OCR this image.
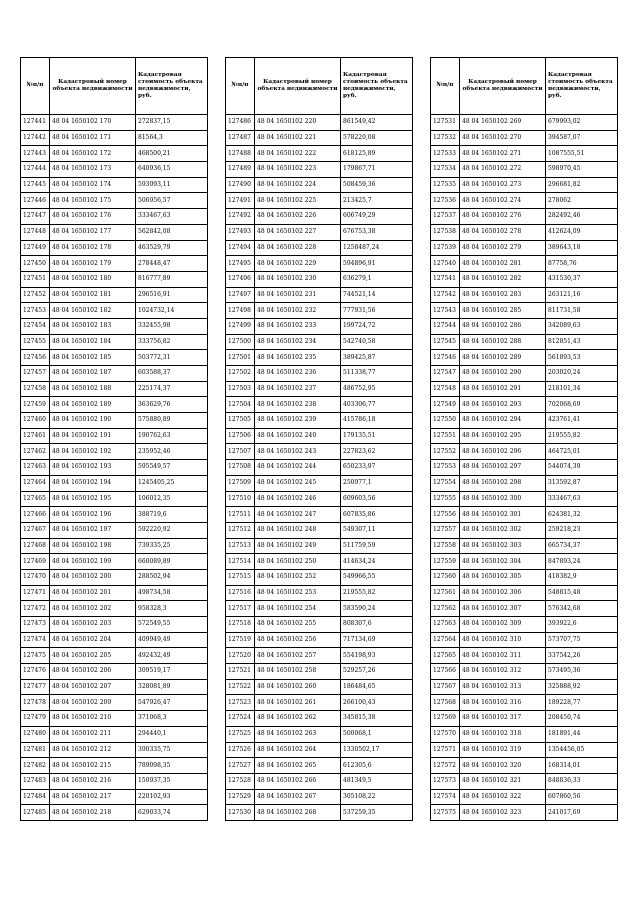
№п/п	Кадастровый номер объекта недвижимости	Кадастровая стоимость объекта недвижимости, руб.
127441	48 04 1650102 170	272837,15
127442	48 04 1650102 171	81564,3
127443	48 04 1650102 172	468500,21
127444	48 04 1650102 173	640936,15
127445	48 04 1650102 174	593093,11
127446	48 04 1650102 175	506956,57
127447	48 04 1650102 176	333467,63
127448	48 04 1650102 177	562842,08
127449	48 04 1650102 178	463529,79
127450	48 04 1650102 179	278448,47
127451	48 04 1650102 180	816777,89
127452	48 04 1650102 181	296516,91
127453	48 04 1650102 182	1024732,14
127454	48 04 1650102 183	332455,98
127455	48 04 1650102 184	333756,82
127456	48 04 1650102 185	503772,31
127457	48 04 1650102 187	603588,37
127458	48 04 1650102 188	225174,37
127459	48 04 1650102 189	363629,76
127460	48 04 1650102 190	575880,89
127461	48 04 1650102 191	190762,63
127462	48 04 1650102 192	235952,46
127463	48 04 1650102 193	595549,57
127464	48 04 1650102 194	1245405,25
127465	48 04 1650102 195	106012,35
127466	48 04 1650102 196	388719,6
127467	48 04 1650102 197	592220,92
127468	48 04 1650102 198	739335,25
127469	48 04 1650102 199	660089,89
127470	48 04 1650102 200	288502,94
127471	48 04 1650102 201	498734,58
127472	48 04 1650102 202	958328,3
127473	48 04 1650102 203	572549,55
127474	48 04 1650102 204	409949,49
127475	48 04 1650102 205	492432,49
127476	48 04 1650102 206	309519,17
127477	48 04 1650102 207	328081,89
127478	48 04 1650102 209	547926,47
127479	48 04 1650102 210	371068,3
127480	48 04 1650102 211	294440,1
127481	48 04 1650102 212	390335,75
127482	48 04 1650102 215	789098,35
127483	48 04 1650102 216	150937,35
127484	48 04 1650102 217	220102,93
127485	48 04 1650102 218	629033,74
№п/п	Кадастровый номер объекта недвижимости	Кадастровая стоимость объекта недвижимости, руб.
127486	48 04 1650102 220	861549,42
127487	48 04 1650102 221	578220,08
127488	48 04 1650102 222	618125,89
127489	48 04 1650102 223	179867,71
127490	48 04 1650102 224	508459,36
127491	48 04 1650102 225	213425,7
127492	48 04 1650102 226	606749,29
127493	48 04 1650102 227	676753,38
127494	48 04 1650102 228	1258487,24
127495	48 04 1650102 229	594896,91
127496	48 04 1650102 230	636279,1
127497	48 04 1650102 231	744521,14
127498	48 04 1650102 232	777931,56
127499	48 04 1650102 233	199724,72
127500	48 04 1650102 234	542740,58
127501	48 04 1650102 235	389425,87
127502	48 04 1650102 236	511338,77
127503	48 04 1650102 237	486752,95
127504	48 04 1650102 238	403306,77
127505	48 04 1650102 239	415786,18
127506	48 04 1650102 240	179135,51
127507	48 04 1650102 243	227823,62
127508	48 04 1650102 244	650233,97
127509	48 04 1650102 245	250977,1
127510	48 04 1650102 246	609603,56
127511	48 04 1650102 247	607835,86
127512	48 04 1650102 248	549307,11
127513	48 04 1650102 249	511759,59
127514	48 04 1650102 250	414634,24
127515	48 04 1650102 252	549966,55
127516	48 04 1650102 253	219555,82
127517	48 04 1650102 254	583590,24
127518	48 04 1650102 255	808307,6
127519	48 04 1650102 256	717134,69
127520	48 04 1650102 257	554198,93
127521	48 04 1650102 258	529257,26
127522	48 04 1650102 260	186484,65
127523	48 04 1650102 261	266100,43
127524	48 04 1650102 262	345815,38
127525	48 04 1650102 263	500068,1
127526	48 04 1650102 264	1330502,17
127527	48 04 1650102 265	612305,6
127528	48 04 1650102 266	481349,5
127529	48 04 1650102 267	305108,22
127530	48 04 1650102 268	537259,35
№п/п	Кадастровый номер объекта недвижимости	Кадастровая стоимость объекта недвижимости, руб.
127531	48 04 1650102 269	679993,02
127532	48 04 1650102 270	394587,07
127533	48 04 1650102 271	1087555,51
127534	48 04 1650102 272	598970,45
127535	48 04 1650102 273	296681,82
127536	48 04 1650102 274	278062
127537	48 04 1650102 276	282492,46
127538	48 04 1650102 278	412624,09
127539	48 04 1650102 279	389643,18
127540	48 04 1650102 281	87758,76
127541	48 04 1650102 282	431530,37
127542	48 04 1650102 283	263121,16
127543	48 04 1650102 285	811731,58
127544	48 04 1650102 286	342089,63
127545	48 04 1650102 288	812851,43
127546	48 04 1650102 289	561893,53
127547	48 04 1650102 290	203020,24
127548	48 04 1650102 291	218101,34
127549	48 04 1650102 293	702068,69
127550	48 04 1650102 294	423761,41
127551	48 04 1650102 295	219555,82
127552	48 04 1650102 296	464725,01
127553	48 04 1650102 297	544074,39
127554	48 04 1650102 298	313592,87
127555	48 04 1650102 300	333467,63
127556	48 04 1650102 301	624381,32
127557	48 04 1650102 302	259218,23
127558	48 04 1650102 303	665734,37
127559	48 04 1650102 304	847893,24
127560	48 04 1650102 305	418382,9
127561	48 04 1650102 306	548815,48
127562	48 04 1650102 307	576342,68
127563	48 04 1650102 309	393922,6
127564	48 04 1650102 310	573707,75
127565	48 04 1650102 311	337542,26
127566	48 04 1650102 312	573495,36
127567	48 04 1650102 313	325888,92
127568	48 04 1650102 316	189228,77
127569	48 04 1650102 317	208450,74
127570	48 04 1650102 318	181891,44
127571	48 04 1650102 319	1354456,05
127572	48 04 1650102 320	168314,01
127573	48 04 1650102 321	848836,33
127574	48 04 1650102 322	607860,56
127575	48 04 1650102 323	241017,69
